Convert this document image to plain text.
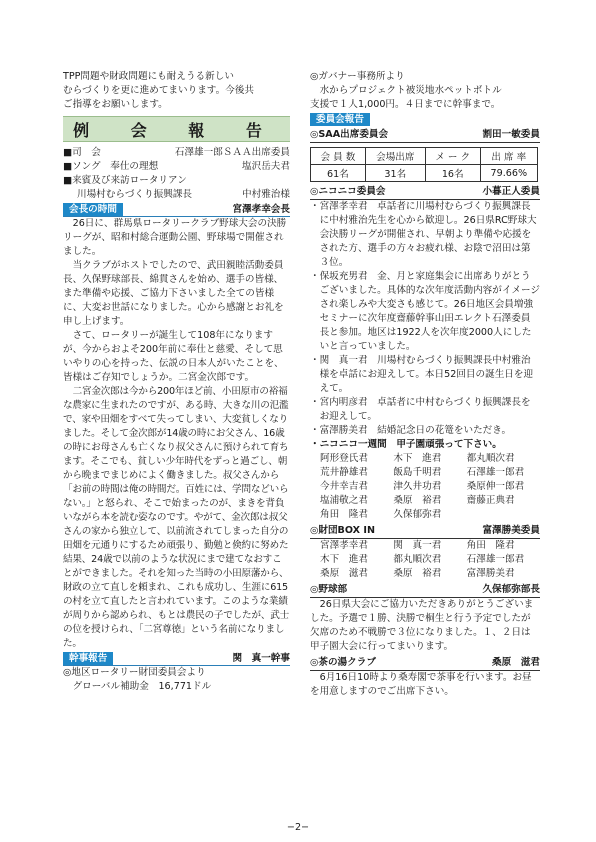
TPP問題や財政問題にも耐えうる新しい

むらづくりを更に進めてまいります。今後共

ご指導をお願いします。

例 会 報 告
■司　会	石澤雄一郎ＳＡＡ出席委員
■ソング　奉仕の理想	塩沢岳夫君
■来賓及び来訪ロータリアン
川場村むらづくり振興課長	中村雅治様
会長の時間	宮澤孝幸会長

26日に、群馬県ロータリークラブ野球大会の決勝リーグが、昭和村総合運動公園、野球場で開催されました。

当クラブがホストでしたので、武田親睦活動委員長、久保野球部長、綿貫さんを始め、選手の皆様、また準備や応援、ご協力下さいました全ての皆様に、大変お世話になりました。心から感謝とお礼を申し上げます。

さて、ロータリーが誕生して108年になりますが、今からおよそ200年前に奉仕と慈愛、そして思いやりの心を持った、伝説の日本人がいたことを、皆様はご存知でしょうか。二宮金次郎です。

二宮金次郎は今から200年ほど前、小田原市の裕福な農家に生まれたのですが、ある時、大きな川の氾濫で、家や田畑をすべて失ってしまい、大変貧しくなりました。そして金次郎が14歳の時にお父さん、16歳の時にお母さんも亡くなり叔父さんに預けられて育ちます。そこでも、貧しい少年時代をずっと過ごし、朝から晩までまじめによく働きました。叔父さんから「お前の時間は俺の時間だ。百姓には、学問などいらない。」と怒られ、そこで始まったのが、まきを背負いながら本を読む姿なのです。やがて、金次郎は叔父さんの家から独立して、以前流されてしまった自分の田畑を元通りにするため頑張り、勤勉と倹約に努めた結果、24歳で以前のような状況にまで建てなおすことができました。それを知った当時の小田原藩から、財政の立て直しを頼まれ、これも成功し、生涯に615の村を立て直したと言われています。このような業績が周りから認められ、もとは農民の子でしたが、武士の位を授けられ、「二宮尊徳」という名前になりました。

幹事報告	関　真一幹事

◎地区ロータリー財団委員会より

グローバル補助金　16,771ドル

◎ガバナー事務所より

水からプロジェクト被災地水ペットボトル

支援で１人1,000円。４日までに幹事まで。

委員会報告
◎SAA出席委員会	割田一敏委員
会 員 数	会場出席	メ ー ク	出 席 率
61名	31名	16名	79.66%
◎ニコニコ委員会	小暮正人委員

・宮澤孝幸君　卓話者に川場村むらづくり振興課長に中村雅治先生を心から歓迎し。26日県RC野球大会決勝リーグが開催され、早朝より準備や応援をされた方、選手の方々お疲れ様、お陰で沼田は第３位。

・保坂充男君　金、月と家庭集会に出席ありがとうございました。具体的な次年度活動内容がイメージされ楽しみや大変さも感じて。26日地区会員増強セミナーに次年度齋藤幹事山田エレクト石澤委員長と参加。地区は1922人を次年度2000人にしたいと言っていました。

・関　真一君　川場村むらづくり振興課長中村雅治様を卓話にお迎えして。本日52回目の誕生日を迎えて。

・宮内明彦君　卓話者に中村むらづくり振興課長をお迎えして。

・富澤勝美君　結婚記念日の花篭をいただき。

・ニコニコ一週間　甲子園頑張って下さい。

阿形登氏君	木下　進君	都丸順次君
荒井静雄君	飯島千明君	石澤雄一郎君
今井幸吉君	津久井功君	桑原伸一郎君
塩浦敬之君	桑原　裕君	齋藤正典君
角田　隆君	久保郁弥君
◎財団BOX IN	富澤勝美委員
宮澤孝幸君	関　真一君	角田　隆君
木下　進君	都丸順次君	石澤雄一郎君
桑原　滋君	桑原　裕君	富澤勝美君
◎野球部	久保郁弥部長

26日県大会にご協力いただきありがとうございました。予選で１勝、決勝で桐生と行う予定でしたが欠席のため不戦勝で３位になりました。１、２日は甲子園大会に行ってまいります。

◎茶の湯クラブ	桑原　滋君

6月16日10時より桑寿閣で茶事を行います。お昼を用意しますのでご出席下さい。

−2−
